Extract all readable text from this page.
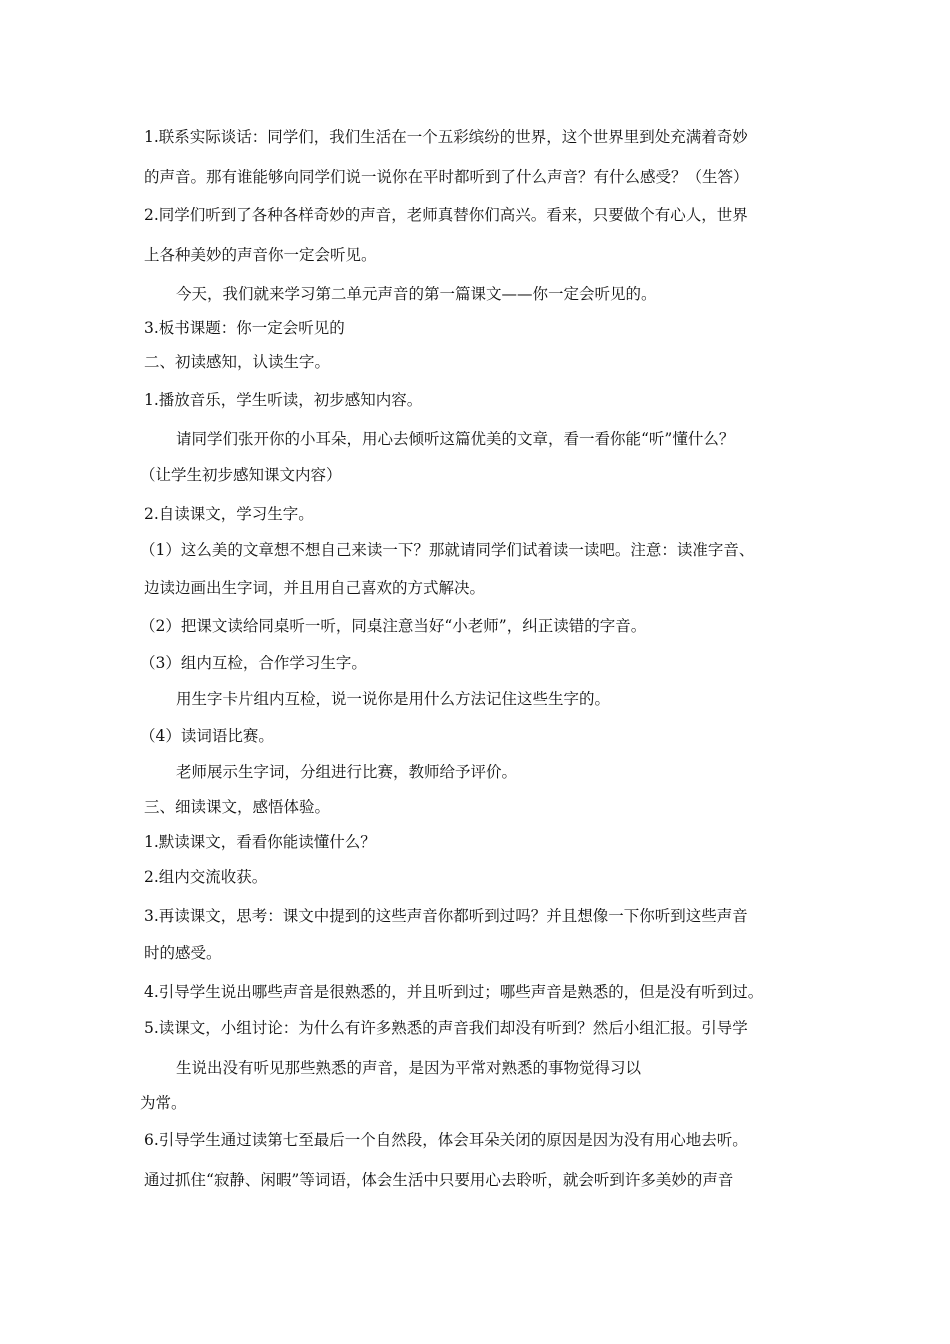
1.联系实际谈话：同学们，我们生活在一个五彩缤纷的世界，这个世界里到处充满着奇妙
的声音。那有谁能够向同学们说一说你在平时都听到了什么声音？有什么感受？（生答）
2.同学们听到了各种各样奇妙的声音，老师真替你们高兴。看来，只要做个有心人，世界
上各种美妙的声音你一定会听见。
今天，我们就来学习第二单元声音的第一篇课文——你一定会听见的。
3.板书课题：你一定会听见的
二、初读感知，认读生字。
1.播放音乐，学生听读，初步感知内容。
请同学们张开你的小耳朵，用心去倾听这篇优美的文章，看一看你能“听”懂什么？
（让学生初步感知课文内容）
2.自读课文，学习生字。
（1）这么美的文章想不想自己来读一下？那就请同学们试着读一读吧。注意：读准字音、
边读边画出生字词，并且用自己喜欢的方式解决。
（2）把课文读给同桌听一听，同桌注意当好“小老师”，纠正读错的字音。
（3）组内互检，合作学习生字。
用生字卡片组内互检，说一说你是用什么方法记住这些生字的。
（4）读词语比赛。
老师展示生字词，分组进行比赛，教师给予评价。
三、细读课文，感悟体验。
1.默读课文，看看你能读懂什么？
2.组内交流收获。
3.再读课文，思考：课文中提到的这些声音你都听到过吗？并且想像一下你听到这些声音
时的感受。
4.引导学生说出哪些声音是很熟悉的，并且听到过；哪些声音是熟悉的，但是没有听到过。
5.读课文，小组讨论：为什么有许多熟悉的声音我们却没有听到？然后小组汇报。引导学
生说出没有听见那些熟悉的声音，是因为平常对熟悉的事物觉得习以
为常。
6.引导学生通过读第七至最后一个自然段，体会耳朵关闭的原因是因为没有用心地去听。
通过抓住“寂静、闲暇”等词语，体会生活中只要用心去聆听，就会听到许多美妙的声音
